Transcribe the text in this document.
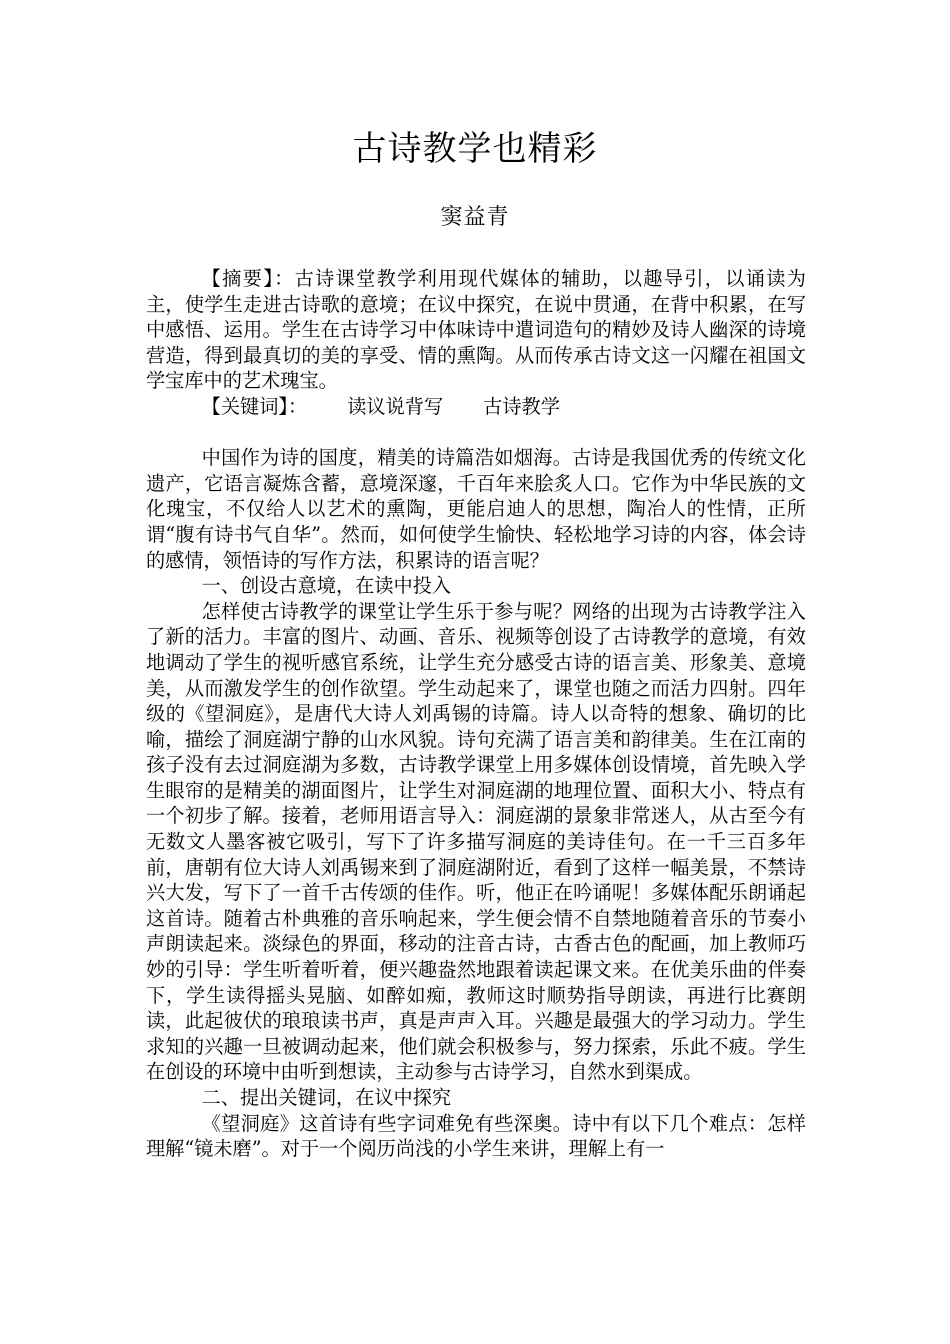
古诗教学也精彩
窦益青

【摘要】：古诗课堂教学利用现代媒体的辅助，以趣导引，以诵读为主，使学生走进古诗歌的意境；在议中探究，在说中贯通，在背中积累，在写中感悟、运用。学生在古诗学习中体味诗中遣词造句的精妙及诗人幽深的诗境营造，得到最真切的美的享受、情的熏陶。从而传承古诗文这一闪耀在祖国文学宝库中的艺术瑰宝。

【关键词】： 读议说背写 古诗教学

中国作为诗的国度，精美的诗篇浩如烟海。古诗是我国优秀的传统文化遗产，它语言凝炼含蓄，意境深邃，千百年来脍炙人口。它作为中华民族的文化瑰宝，不仅给人以艺术的熏陶，更能启迪人的思想，陶冶人的性情，正所谓“腹有诗书气自华”。然而，如何使学生愉快、轻松地学习诗的内容，体会诗的感情，领悟诗的写作方法，积累诗的语言呢？

一、创设古意境，在读中投入

怎样使古诗教学的课堂让学生乐于参与呢？网络的出现为古诗教学注入了新的活力。丰富的图片、动画、音乐、视频等创设了古诗教学的意境，有效地调动了学生的视听感官系统，让学生充分感受古诗的语言美、形象美、意境美，从而激发学生的创作欲望。学生动起来了，课堂也随之而活力四射。四年级的《望洞庭》，是唐代大诗人刘禹锡的诗篇。诗人以奇特的想象、确切的比喻，描绘了洞庭湖宁静的山水风貌。诗句充满了语言美和韵律美。生在江南的孩子没有去过洞庭湖为多数，古诗教学课堂上用多媒体创设情境，首先映入学生眼帘的是精美的湖面图片，让学生对洞庭湖的地理位置、面积大小、特点有一个初步了解。接着，老师用语言导入：洞庭湖的景象非常迷人，从古至今有无数文人墨客被它吸引，写下了许多描写洞庭的美诗佳句。在一千三百多年前，唐朝有位大诗人刘禹锡来到了洞庭湖附近，看到了这样一幅美景，不禁诗兴大发，写下了一首千古传颂的佳作。听，他正在吟诵呢！多媒体配乐朗诵起这首诗。随着古朴典雅的音乐响起来，学生便会情不自禁地随着音乐的节奏小声朗读起来。淡绿色的界面，移动的注音古诗，古香古色的配画，加上教师巧妙的引导：学生听着听着，便兴趣盎然地跟着读起课文来。在优美乐曲的伴奏下，学生读得摇头晃脑、如醉如痴，教师这时顺势指导朗读，再进行比赛朗读，此起彼伏的琅琅读书声，真是声声入耳。兴趣是最强大的学习动力。学生求知的兴趣一旦被调动起来，他们就会积极参与，努力探索，乐此不疲。学生在创设的环境中由听到想读，主动参与古诗学习，自然水到渠成。

二、提出关键词，在议中探究

《望洞庭》这首诗有些字词难免有些深奥。诗中有以下几个难点：怎样理解“镜未磨”。对于一个阅历尚浅的小学生来讲，理解上有一
